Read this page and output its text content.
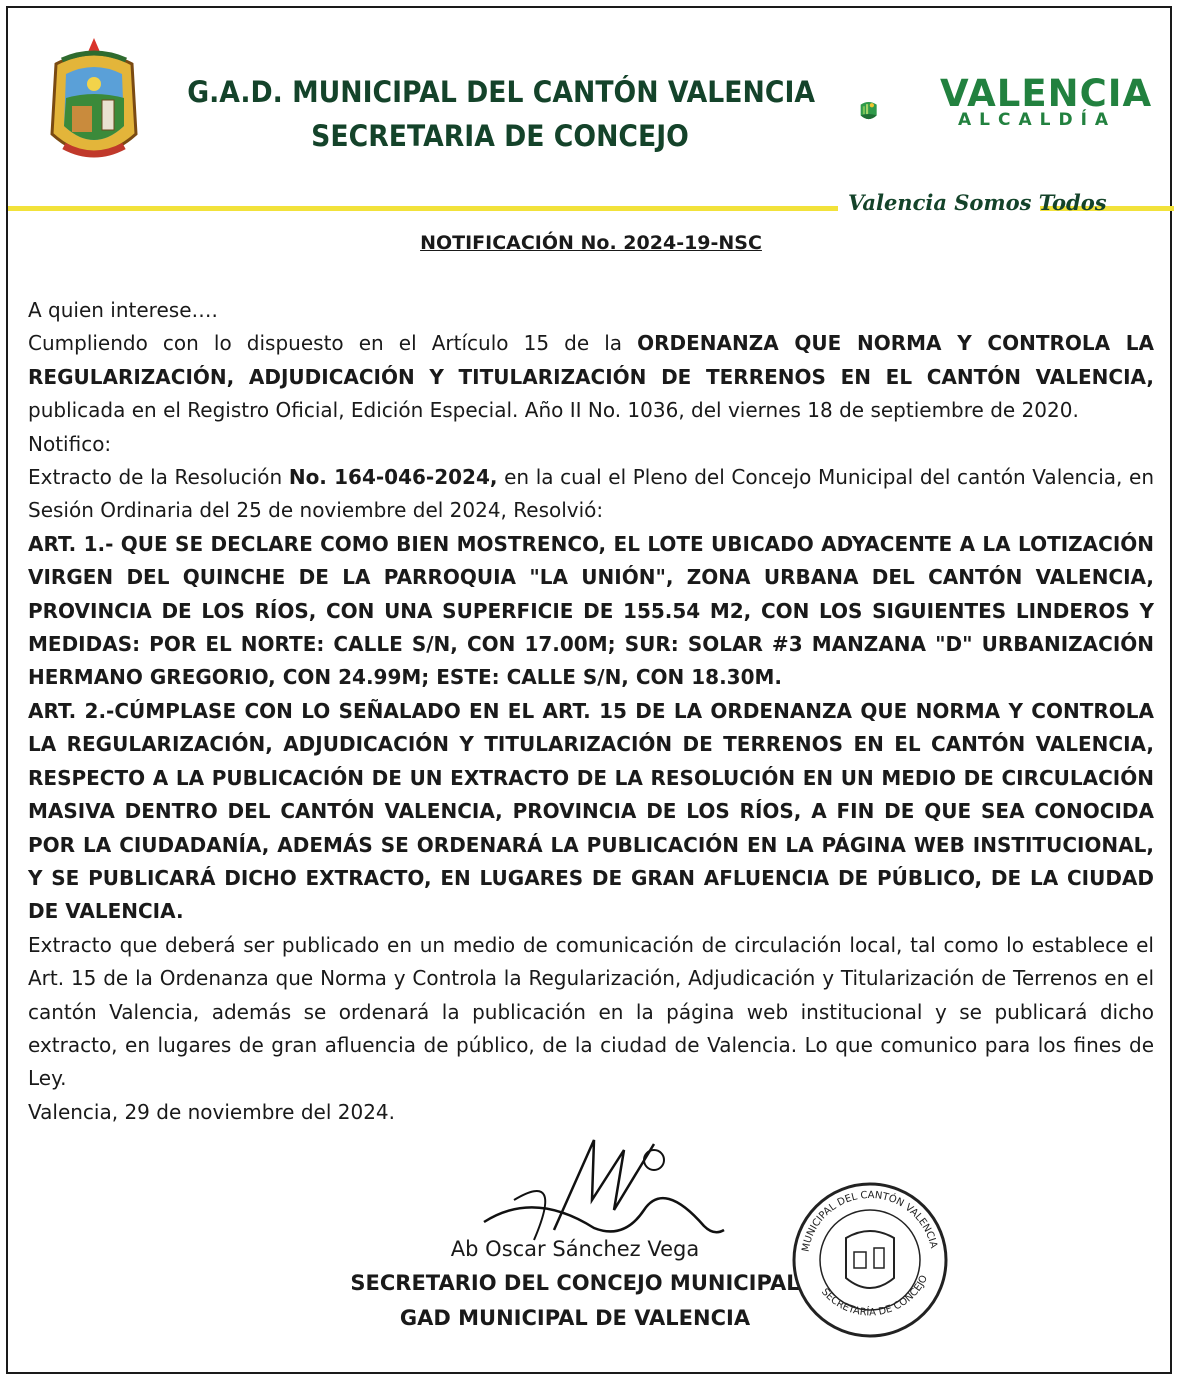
G.A.D. MUNICIPAL DEL CANTÓN VALENCIA
SECRETARIA DE CONCEJO
VALENCIA
ALCALDÍA
Valencia Somos Todos
NOTIFICACIÓN No. 2024-19-NSC

A quien interese….

Cumpliendo con lo dispuesto en el Artículo 15 de la ORDENANZA QUE NORMA Y CONTROLA LA REGULARIZACIÓN, ADJUDICACIÓN Y TITULARIZACIÓN DE TERRENOS EN EL CANTÓN VALENCIA, publicada en el Registro Oficial, Edición Especial. Año II No. 1036, del viernes 18 de septiembre de 2020.

Notifico:

Extracto de la Resolución No. 164-046-2024, en la cual el Pleno del Concejo Municipal del cantón Valencia, en Sesión Ordinaria del 25 de noviembre del 2024, Resolvió:

ART. 1.- QUE SE DECLARE COMO BIEN MOSTRENCO, EL LOTE UBICADO ADYACENTE A LA LOTIZACIÓN VIRGEN DEL QUINCHE DE LA PARROQUIA "LA UNIÓN", ZONA URBANA DEL CANTÓN VALENCIA, PROVINCIA DE LOS RÍOS, CON UNA SUPERFICIE DE 155.54 M2, CON LOS SIGUIENTES LINDEROS Y MEDIDAS: POR EL NORTE: CALLE S/N, CON 17.00M; SUR: SOLAR #3 MANZANA "D" URBANIZACIÓN HERMANO GREGORIO, CON 24.99M; ESTE: CALLE S/N, CON 18.30M.

ART. 2.-CÚMPLASE CON LO SEÑALADO EN EL ART. 15 DE LA ORDENANZA QUE NORMA Y CONTROLA LA REGULARIZACIÓN, ADJUDICACIÓN Y TITULARIZACIÓN DE TERRENOS EN EL CANTÓN VALENCIA, RESPECTO A LA PUBLICACIÓN DE UN EXTRACTO DE LA RESOLUCIÓN EN UN MEDIO DE CIRCULACIÓN MASIVA DENTRO DEL CANTÓN VALENCIA, PROVINCIA DE LOS RÍOS, A FIN DE QUE SEA CONOCIDA POR LA CIUDADANÍA, ADEMÁS SE ORDENARÁ LA PUBLICACIÓN EN LA PÁGINA WEB INSTITUCIONAL, Y SE PUBLICARÁ DICHO EXTRACTO, EN LUGARES DE GRAN AFLUENCIA DE PÚBLICO, DE LA CIUDAD DE VALENCIA.

Extracto que deberá ser publicado en un medio de comunicación de circulación local, tal como lo establece el Art. 15 de la Ordenanza que Norma y Controla la Regularización, Adjudicación y Titularización de Terrenos en el cantón Valencia, además se ordenará la publicación en la página web institucional y se publicará dicho extracto, en lugares de gran afluencia de público, de la ciudad de Valencia. Lo que comunico para los fines de Ley.

Valencia, 29 de noviembre del 2024.

Ab Oscar Sánchez Vega
SECRETARIO DEL CONCEJO MUNICIPAL
GAD MUNICIPAL DE VALENCIA
MUNICIPAL DEL CANTÓN VALENCIA
SECRETARÍA DE CONCEJO
